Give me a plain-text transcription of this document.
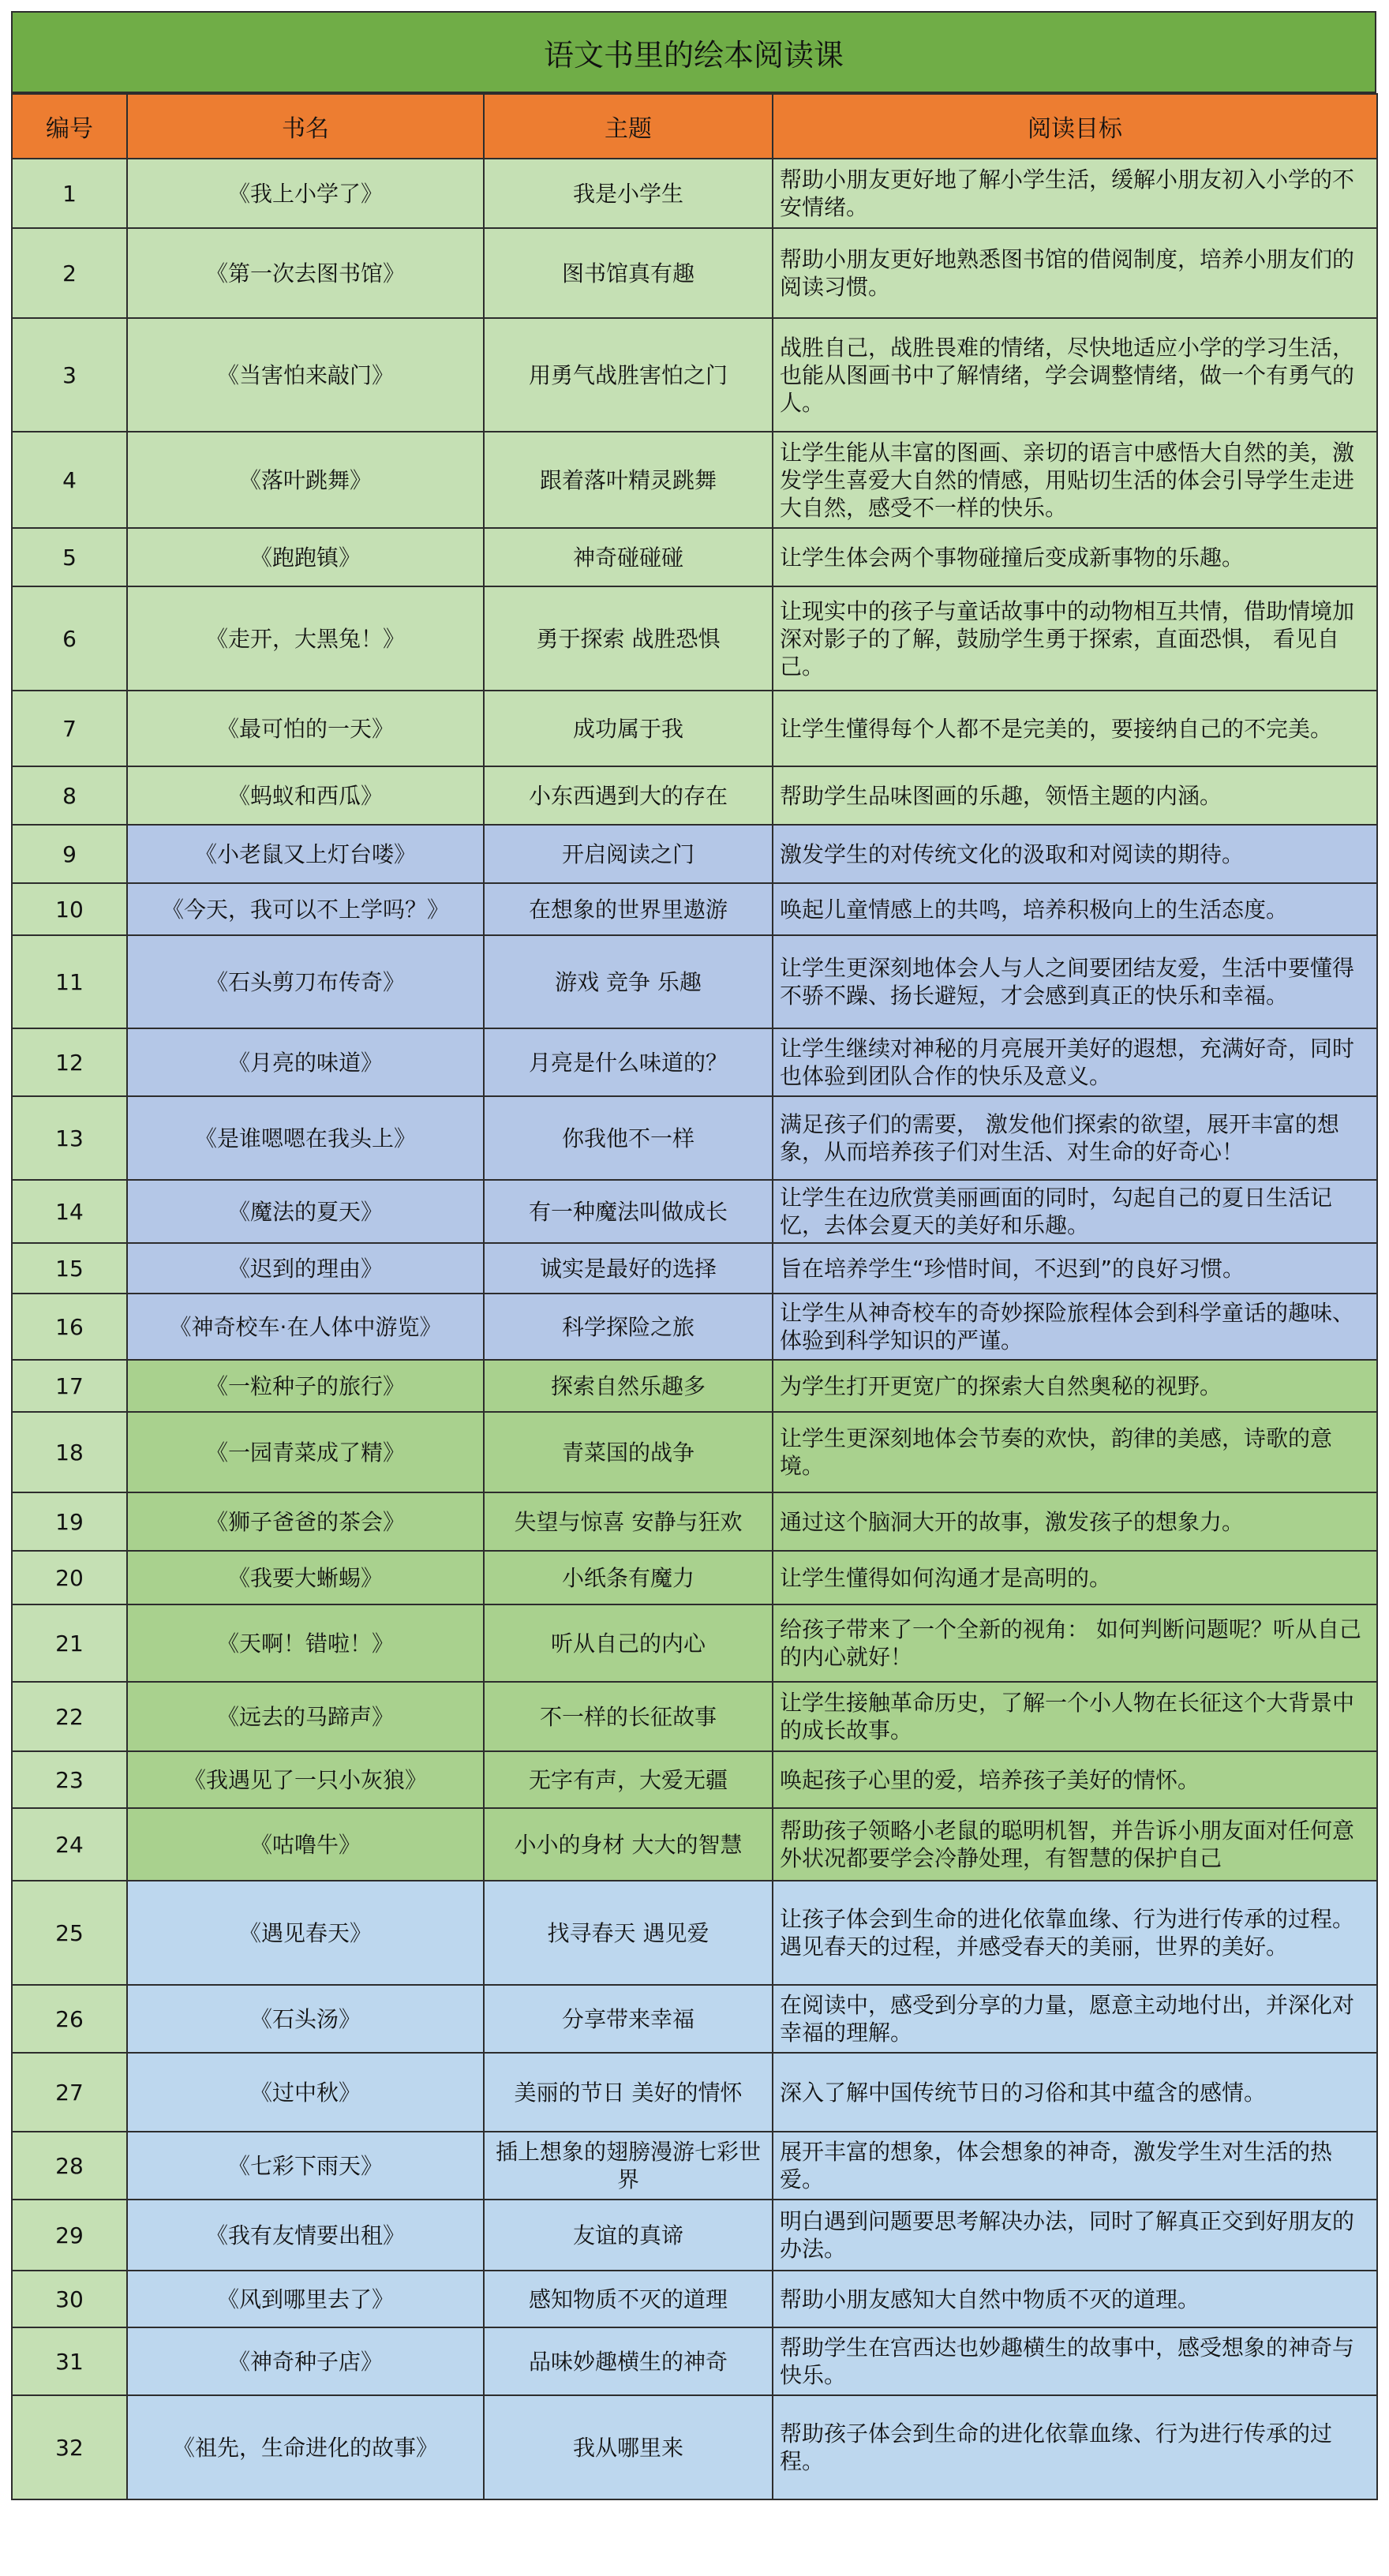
语文书里的绘本阅读课
编号	书名	主题	阅读目标
1	《我上小学了》	我是小学生	帮助小朋友更好地了解小学生活，缓解小朋友初入小学的不安情绪。
2	《第一次去图书馆》	图书馆真有趣	帮助小朋友更好地熟悉图书馆的借阅制度，培养小朋友们的阅读习惯。
3	《当害怕来敲门》	用勇气战胜害怕之门	战胜自己，战胜畏难的情绪，尽快地适应小学的学习生活，也能从图画书中了解情绪，学会调整情绪，做一个有勇气的人。
4	《落叶跳舞》	跟着落叶精灵跳舞	让学生能从丰富的图画、亲切的语言中感悟大自然的美，激发学生喜爱大自然的情感，用贴切生活的体会引导学生走进大自然，感受不一样的快乐。
5	《跑跑镇》	神奇碰碰碰	让学生体会两个事物碰撞后变成新事物的乐趣。
6	《走开，大黑兔！》	勇于探索 战胜恐惧	让现实中的孩子与童话故事中的动物相互共情，借助情境加深对影子的了解，鼓励学生勇于探索，直面恐惧， 看见自己。
7	《最可怕的一天》	成功属于我	让学生懂得每个人都不是完美的，要接纳自己的不完美。
8	《蚂蚁和西瓜》	小东西遇到大的存在	帮助学生品味图画的乐趣，领悟主题的内涵。
9	《小老鼠又上灯台喽》	开启阅读之门	激发学生的对传统文化的汲取和对阅读的期待。
10	《今天，我可以不上学吗？》	在想象的世界里遨游	唤起儿童情感上的共鸣，培养积极向上的生活态度。
11	《石头剪刀布传奇》	游戏 竞争 乐趣	让学生更深刻地体会人与人之间要团结友爱，生活中要懂得不骄不躁、扬长避短，才会感到真正的快乐和幸福。
12	《月亮的味道》	月亮是什么味道的？	让学生继续对神秘的月亮展开美好的遐想，充满好奇，同时也体验到团队合作的快乐及意义。
13	《是谁嗯嗯在我头上》	你我他不一样	满足孩子们的需要， 激发他们探索的欲望，展开丰富的想象，从而培养孩子们对生活、对生命的好奇心！
14	《魔法的夏天》	有一种魔法叫做成长	让学生在边欣赏美丽画面的同时，勾起自己的夏日生活记忆，去体会夏天的美好和乐趣。
15	《迟到的理由》	诚实是最好的选择	旨在培养学生“珍惜时间，不迟到”的良好习惯。
16	《神奇校车·在人体中游览》	科学探险之旅	让学生从神奇校车的奇妙探险旅程体会到科学童话的趣味、体验到科学知识的严谨。
17	《一粒种子的旅行》	探索自然乐趣多	为学生打开更宽广的探索大自然奥秘的视野。
18	《一园青菜成了精》	青菜国的战争	让学生更深刻地体会节奏的欢快，韵律的美感，诗歌的意境。
19	《狮子爸爸的茶会》	失望与惊喜 安静与狂欢	通过这个脑洞大开的故事，激发孩子的想象力。
20	《我要大蜥蜴》	小纸条有魔力	让学生懂得如何沟通才是高明的。
21	《天啊！错啦！》	听从自己的内心	给孩子带来了一个全新的视角： 如何判断问题呢？听从自己的内心就好！
22	《远去的马蹄声》	不一样的长征故事	让学生接触革命历史，了解一个小人物在长征这个大背景中的成长故事。
23	《我遇见了一只小灰狼》	无字有声，大爱无疆	唤起孩子心里的爱，培养孩子美好的情怀。
24	《咕噜牛》	小小的身材 大大的智慧	帮助孩子领略小老鼠的聪明机智，并告诉小朋友面对任何意外状况都要学会冷静处理，有智慧的保护自己
25	《遇见春天》	找寻春天 遇见爱	让孩子体会到生命的进化依靠血缘、行为进行传承的过程。遇见春天的过程，并感受春天的美丽，世界的美好。
26	《石头汤》	分享带来幸福	在阅读中，感受到分享的力量，愿意主动地付出，并深化对幸福的理解。
27	《过中秋》	美丽的节日 美好的情怀	深入了解中国传统节日的习俗和其中蕴含的感情。
28	《七彩下雨天》	插上想象的翅膀漫游七彩世界	展开丰富的想象，体会想象的神奇，激发学生对生活的热爱。
29	《我有友情要出租》	友谊的真谛	明白遇到问题要思考解决办法，同时了解真正交到好朋友的办法。
30	《风到哪里去了》	感知物质不灭的道理	帮助小朋友感知大自然中物质不灭的道理。
31	《神奇种子店》	品味妙趣横生的神奇	帮助学生在宫西达也妙趣横生的故事中，感受想象的神奇与快乐。
32	《祖先，生命进化的故事》	我从哪里来	帮助孩子体会到生命的进化依靠血缘、行为进行传承的过程。
